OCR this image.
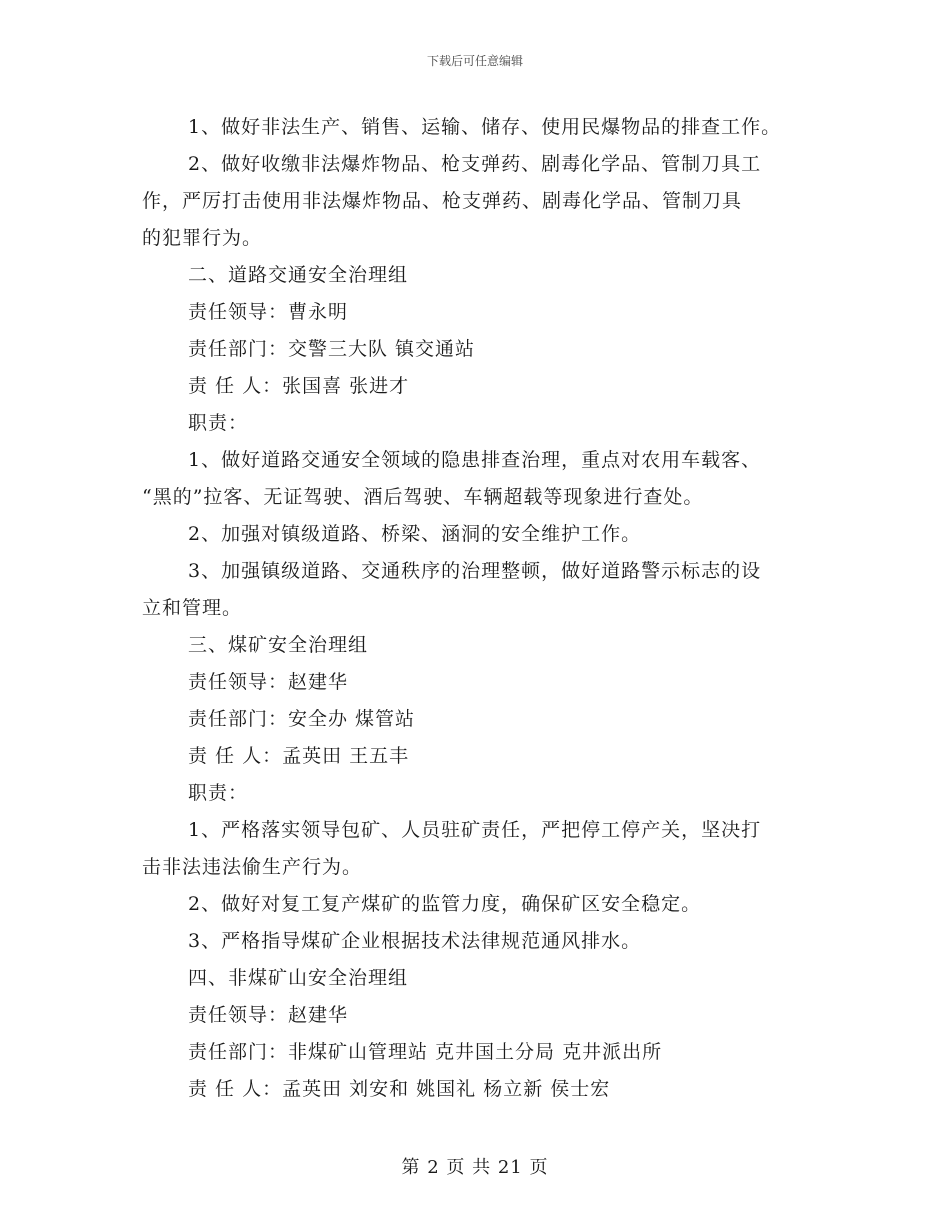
下载后可任意编辑
1、做好非法生产、销售、运输、储存、使用民爆物品的排查工作。
2、做好收缴非法爆炸物品、枪支弹药、剧毒化学品、管制刀具工
作，严厉打击使用非法爆炸物品、枪支弹药、剧毒化学品、管制刀具
的犯罪行为。
二、道路交通安全治理组
责任领导：曹永明
责任部门：交警三大队 镇交通站
责 任 人：张国喜 张进才
职责：
1、做好道路交通安全领域的隐患排查治理，重点对农用车载客、
“黑的”拉客、无证驾驶、酒后驾驶、车辆超载等现象进行查处。
2、加强对镇级道路、桥梁、涵洞的安全维护工作。
3、加强镇级道路、交通秩序的治理整顿，做好道路警示标志的设
立和管理。
三、煤矿安全治理组
责任领导：赵建华
责任部门：安全办 煤管站
责 任 人：孟英田 王五丰
职责：
1、严格落实领导包矿、人员驻矿责任，严把停工停产关，坚决打
击非法违法偷生产行为。
2、做好对复工复产煤矿的监管力度，确保矿区安全稳定。
3、严格指导煤矿企业根据技术法律规范通风排水。
四、非煤矿山安全治理组
责任领导：赵建华
责任部门：非煤矿山管理站 克井国土分局 克井派出所
责 任 人：孟英田 刘安和 姚国礼 杨立新 侯士宏
第 2 页 共 21 页
